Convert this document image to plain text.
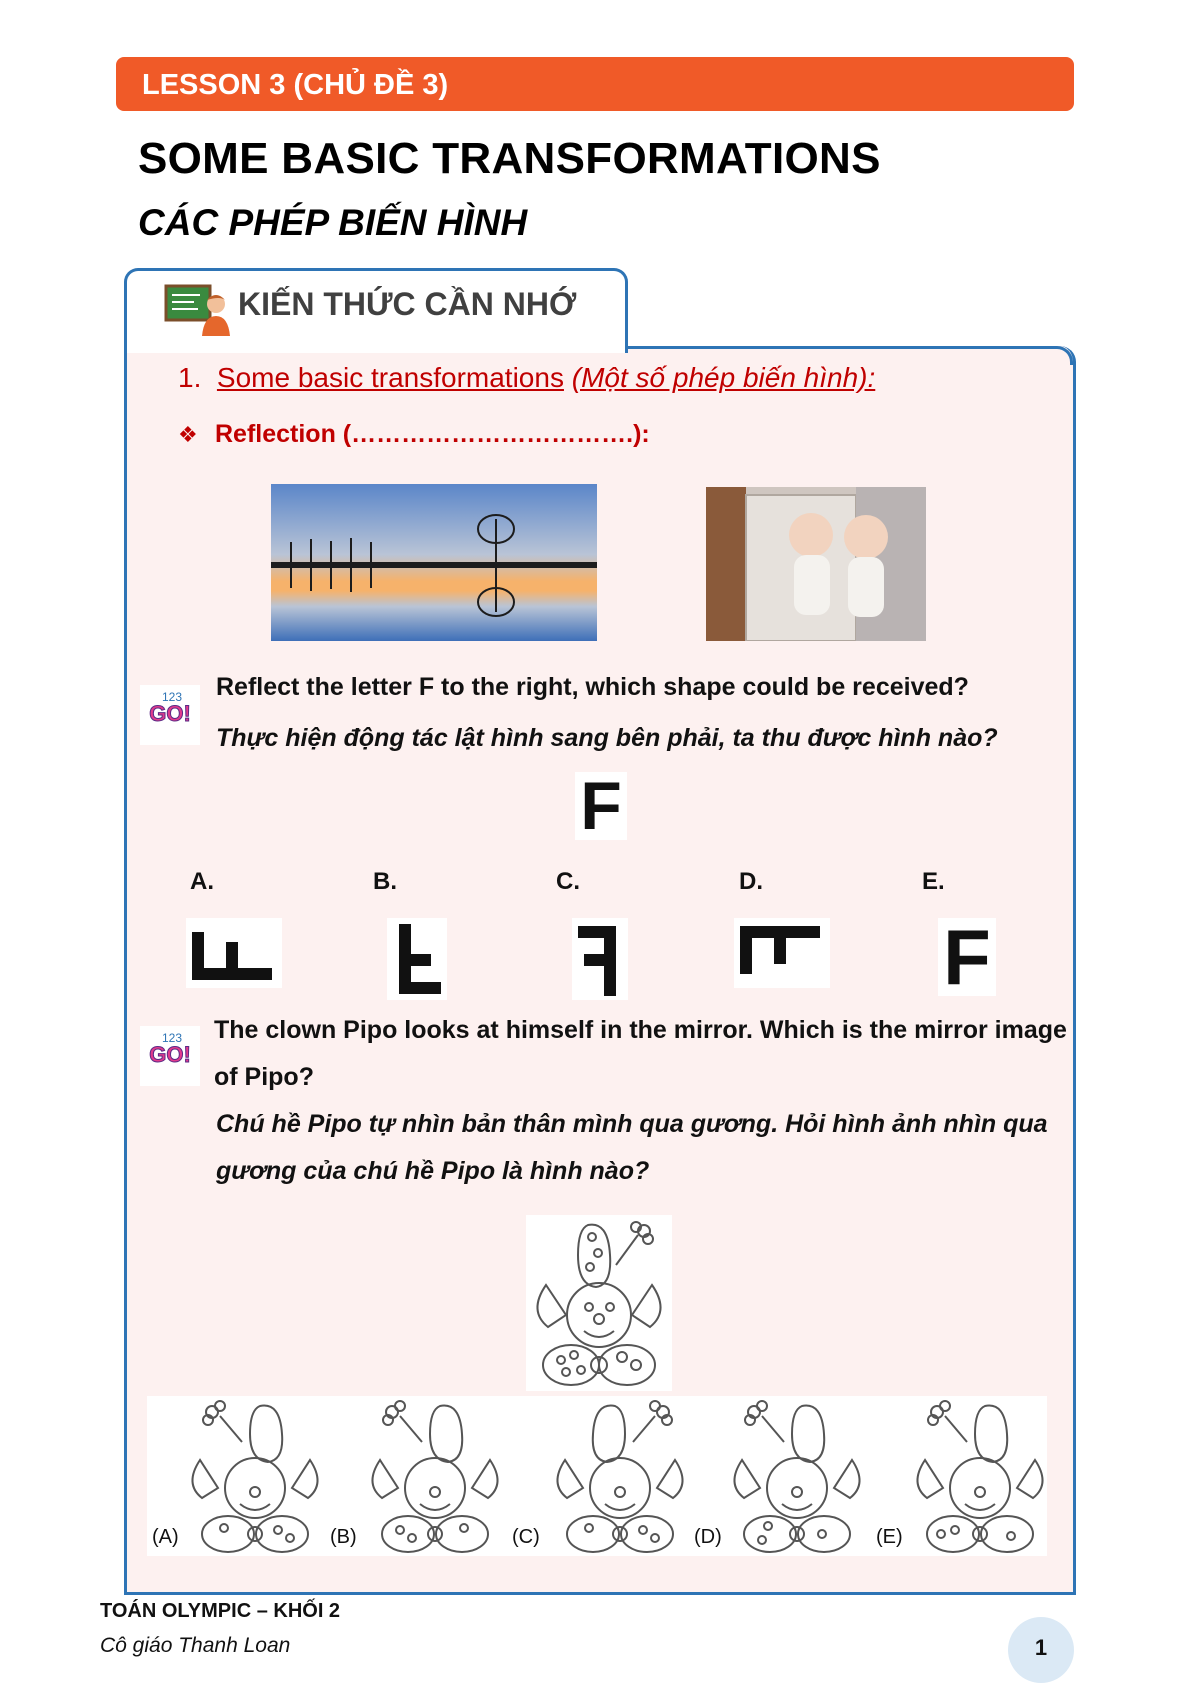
LESSON 3 (CHỦ ĐỀ 3)
SOME BASIC TRANSFORMATIONS
CÁC PHÉP BIẾN HÌNH
KIẾN THỨC CẦN NHỚ
1. Some basic transformations (Một số phép biến hình):
❖ Reflection (…………………………….):
GO!
123 Reflect the letter F to the right, which shape could be received?
Thực hiện động tác lật hình sang bên phải, ta thu được hình nào?
F
A.	B.	C.	D.	E.
F
GO!
123 The clown Pipo looks at himself in the mirror. Which is the mirror image
of Pipo?
Chú hề Pipo tự nhìn bản thân mình qua gương. Hỏi hình ảnh nhìn qua
gương của chú hề Pipo là hình nào?
(A)	(B)	(C)	(D)	(E)
TOÁN OLYMPIC – KHỐI 2
Cô giáo Thanh Loan	1
